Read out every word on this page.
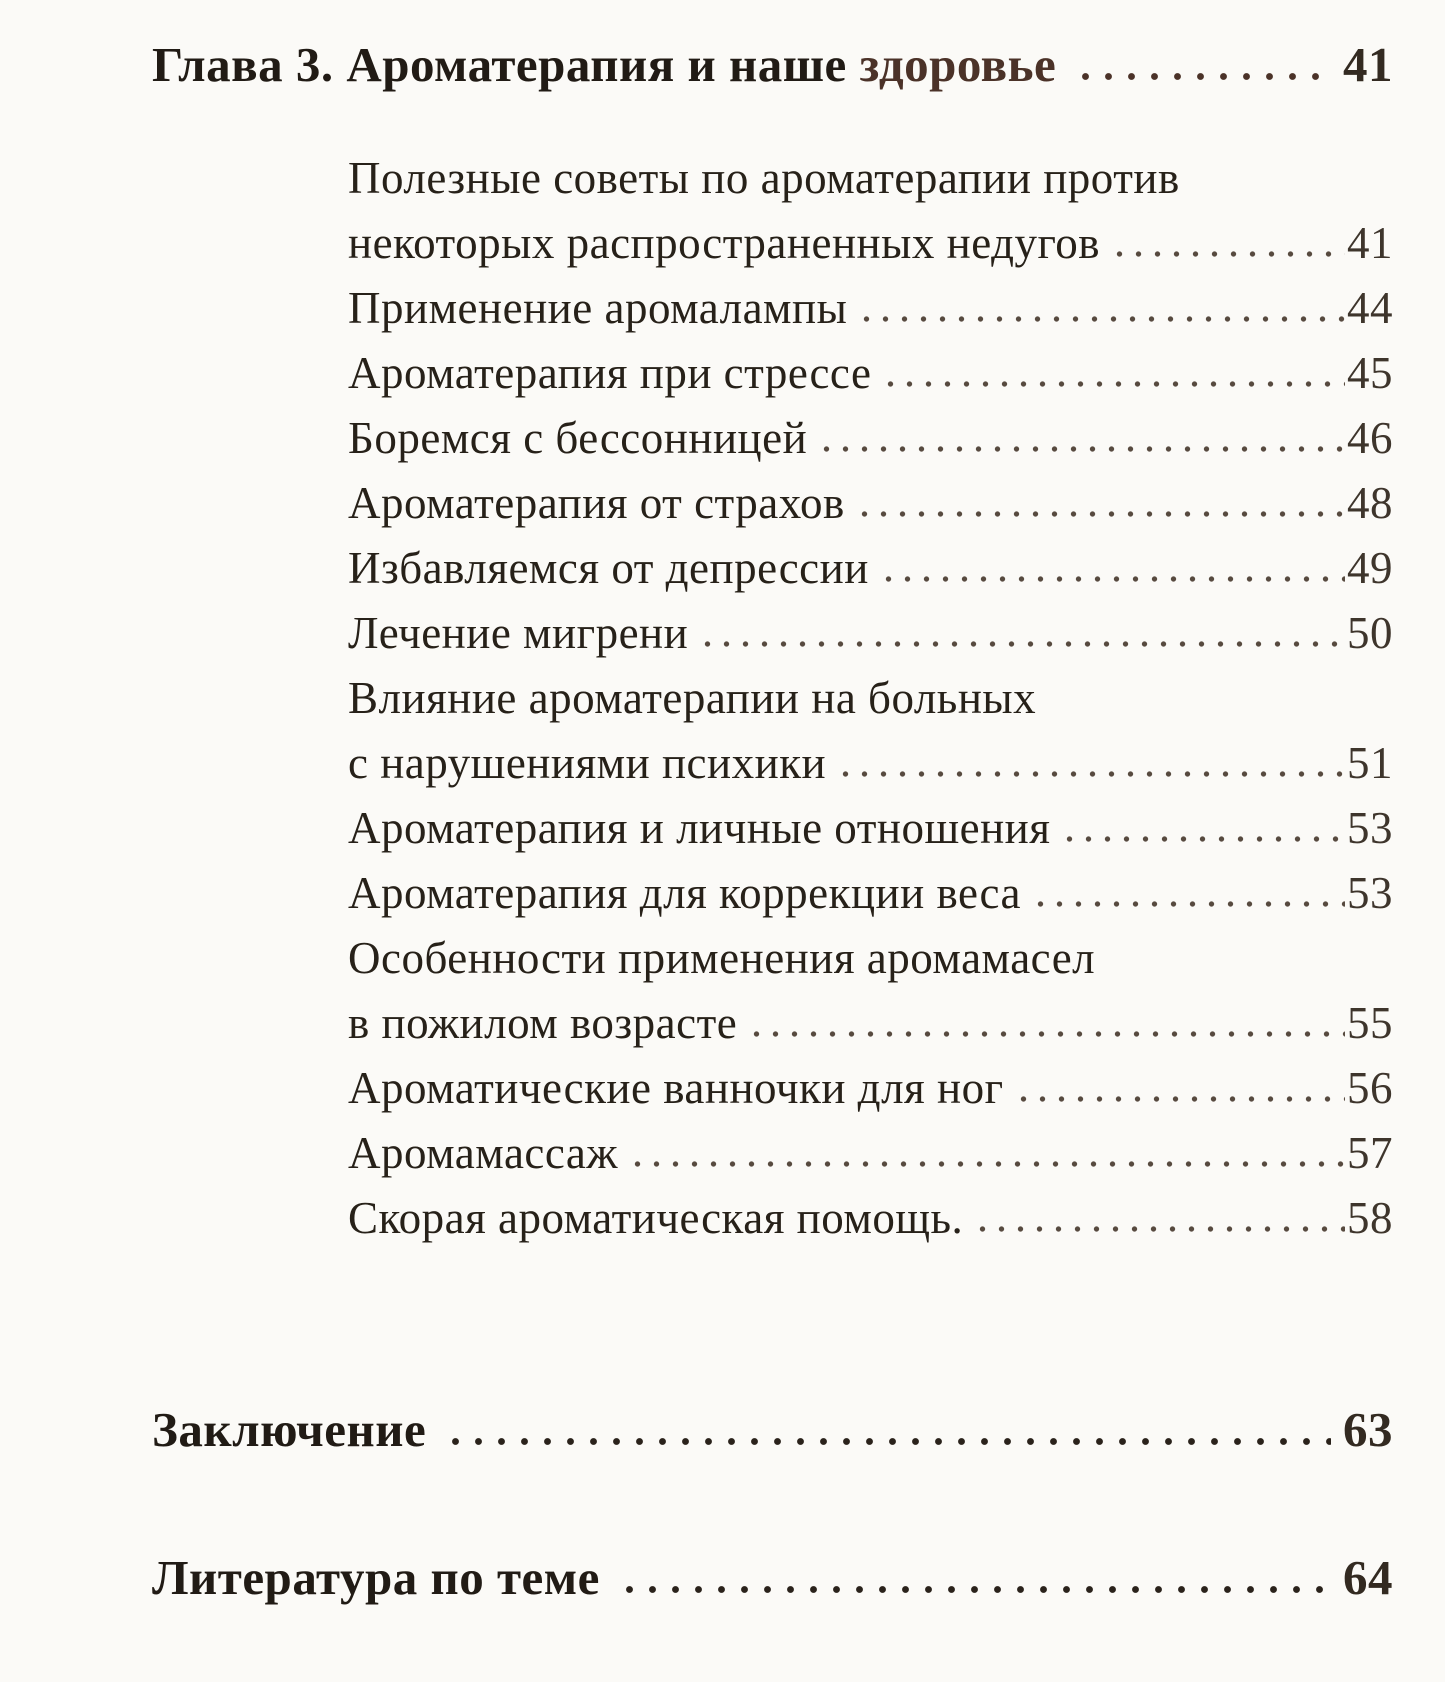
Глава 3. Ароматерапия и наше здоровье	41
Полезные советы по ароматерапии против
некоторых распространенных недугов	41
Применение аромалампы	44
Ароматерапия при стрессе	45
Боремся с бессонницей	46
Ароматерапия от страхов	48
Избавляемся от депрессии	49
Лечение мигрени	50
Влияние ароматерапии на больных
с нарушениями психики	51
Ароматерапия и личные отношения	53
Ароматерапия для коррекции веса	53
Особенности применения аромамасел
в пожилом возрасте	55
Ароматические ванночки для ног	56
Аромамассаж	57
Скорая ароматическая помощь.	58
Заключение	63
Литература по теме	64
